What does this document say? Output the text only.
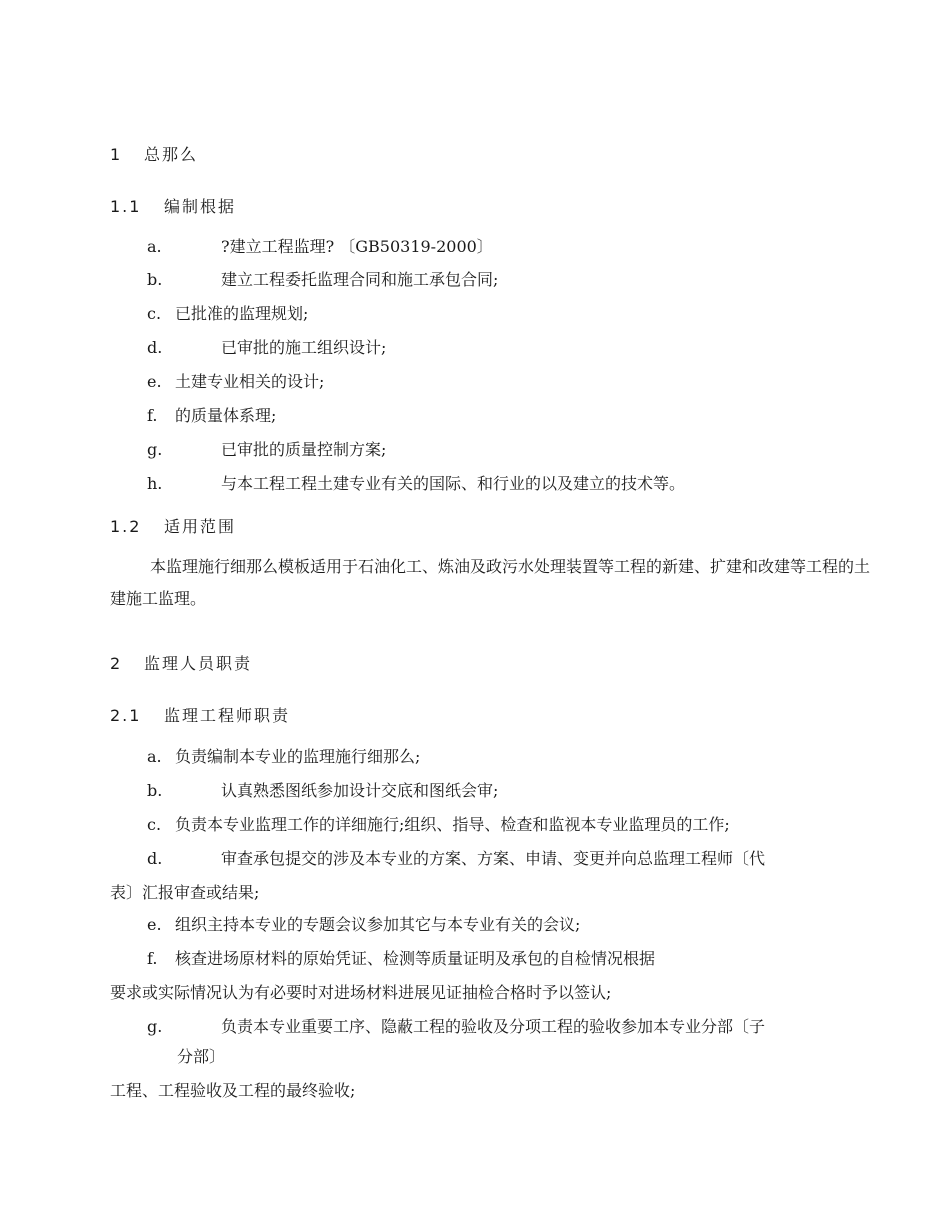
1 总那么
1.1 编制根据
a.	?建立工程监理? 〔GB50319-2000〕
b.	建立工程委托监理合同和施工承包合同;
c. 已批准的监理规划;
d.	已审批的施工组织设计;
e. 土建专业相关的设计;
f. 的质量体系理;
g.	已审批的质量控制方案;
h.	与本工程工程土建专业有关的国际、和行业的以及建立的技术等。
1.2 适用范围
本监理施行细那么模板适用于石油化工、炼油及政污水处理装置等工程的新建、扩建和改建等工程的土建施工监理。
2 监理人员职责
2.1 监理工程师职责
a. 负责编制本专业的监理施行细那么;
b.	认真熟悉图纸参加设计交底和图纸会审;
c. 负责本专业监理工作的详细施行;组织、指导、检查和监视本专业监理员的工作;
d.	审查承包提交的涉及本专业的方案、方案、申请、变更并向总监理工程师〔代
表〕汇报审查或结果;
e. 组织主持本专业的专题会议参加其它与本专业有关的会议;
f. 核查进场原材料的原始凭证、检测等质量证明及承包的自检情况根据
要求或实际情况认为有必要时对进场材料进展见证抽检合格时予以签认;
g.	负责本专业重要工序、隐蔽工程的验收及分项工程的验收参加本专业分部〔子
分部〕
工程、工程验收及工程的最终验收;
